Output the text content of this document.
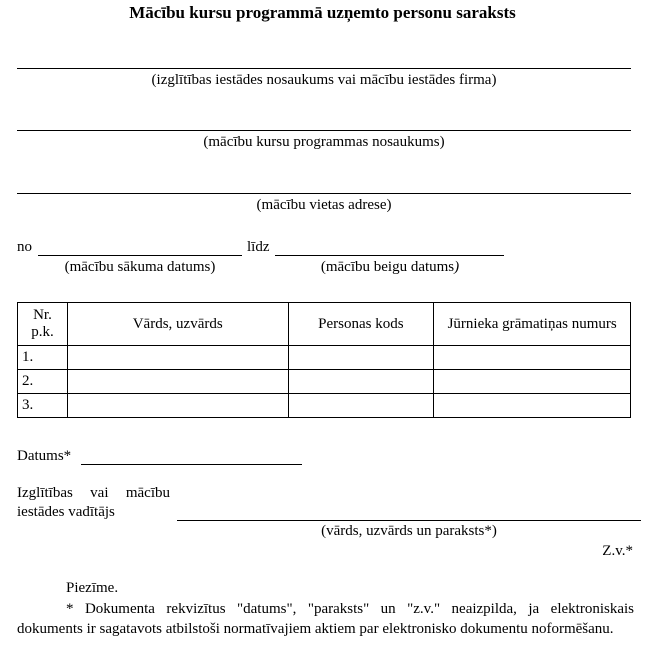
Mācību kursu programmā uzņemto personu saraksts
(izglītības iestādes nosaukums vai mācību iestādes firma)
(mācību kursu programmas nosaukums)
(mācību vietas adrese)
no	līdz
(mācību sākuma datums)	(mācību beigu datums)
Nr. p.k.	Vārds, uzvārds	Personas kods	Jūrnieka grāmatiņas numurs
1.			
2.			
3.			
Datums*
Izglītības vai mācību
iestādes vadītājs
(vārds, uzvārds un paraksts*)
Z.v.*
Piezīme.
* Dokumenta rekvizītus "datums", "paraksts" un "z.v." neaizpilda, ja elektroniskais dokuments ir sagatavots atbilstoši normatīvajiem aktiem par elektronisko dokumentu noformēšanu.
